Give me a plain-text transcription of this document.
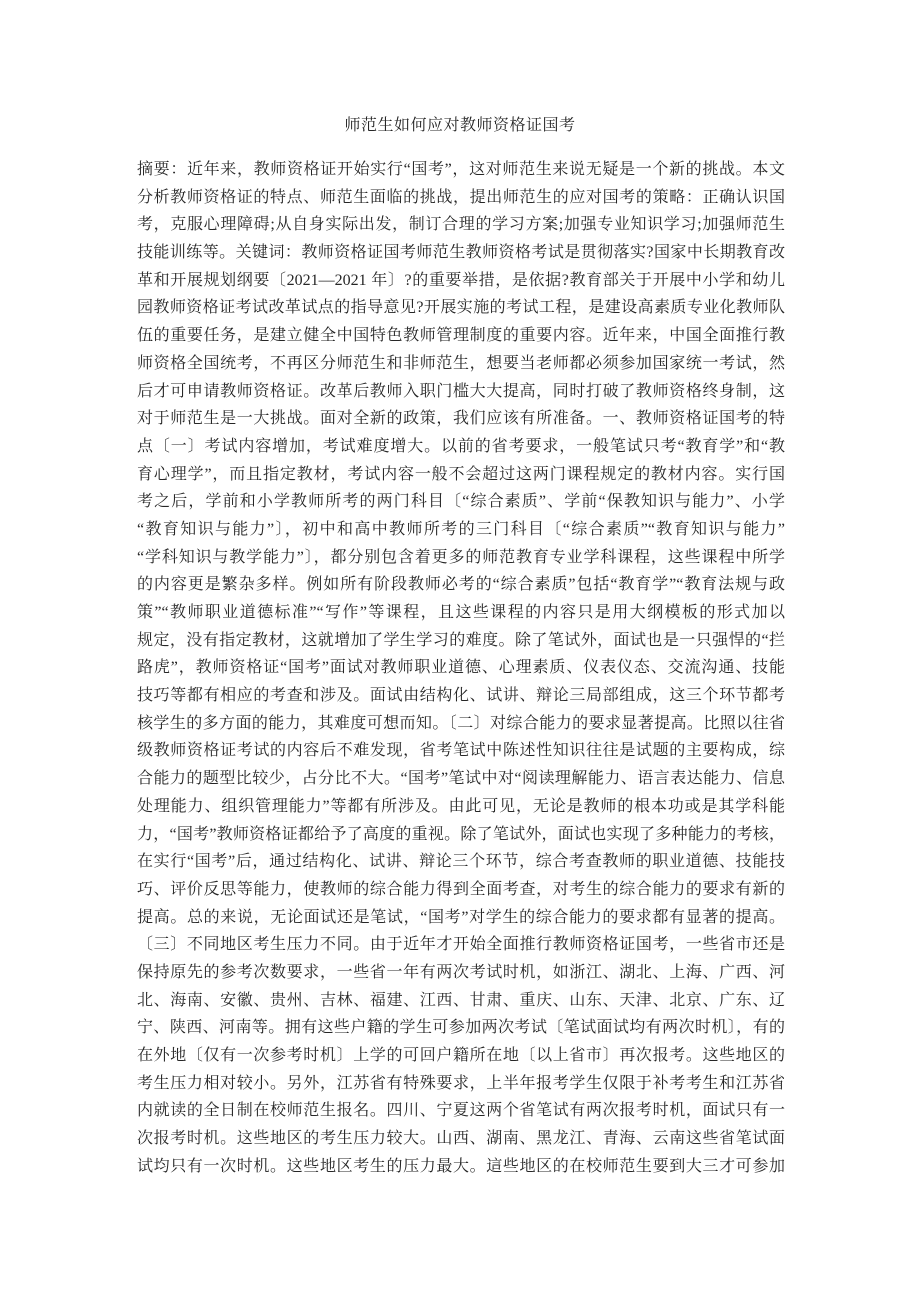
师范生如何应对教师资格证国考
摘要：近年来，教师资格证开始实行“国考”，这对师范生来说无疑是一个新的挑战。本文
分析教师资格证的特点、师范生面临的挑战，提出师范生的应对国考的策略：正确认识国
考，克服心理障碍;从自身实际出发，制订合理的学习方案;加强专业知识学习;加强师范生
技能训练等。关键词：教师资格证国考师范生教师资格考试是贯彻落实?国家中长期教育改
革和开展规划纲要〔2021—2021 年〕?的重要举措，是依据?教育部关于开展中小学和幼儿
园教师资格证考试改革试点的指导意见?开展实施的考试工程，是建设高素质专业化教师队
伍的重要任务，是建立健全中国特色教师管理制度的重要内容。近年来，中国全面推行教
师资格全国统考，不再区分师范生和非师范生，想要当老师都必须参加国家统一考试，然
后才可申请教师资格证。改革后教师入职门槛大大提高，同时打破了教师资格终身制，这
对于师范生是一大挑战。面对全新的政策，我们应该有所准备。一、教师资格证国考的特
点〔一〕考试内容增加，考试难度增大。以前的省考要求，一般笔试只考“教育学”和“教
育心理学”，而且指定教材，考试内容一般不会超过这两门课程规定的教材内容。实行国
考之后，学前和小学教师所考的两门科目〔“综合素质”、学前“保教知识与能力”、小学
“教育知识与能力”〕，初中和高中教师所考的三门科目〔“综合素质”“教育知识与能力”
“学科知识与教学能力”〕，都分别包含着更多的师范教育专业学科课程，这些课程中所学
的内容更是繁杂多样。例如所有阶段教师必考的“综合素质”包括“教育学”“教育法规与政
策”“教师职业道德标准”“写作”等课程，且这些课程的内容只是用大纲模板的形式加以
规定，没有指定教材，这就增加了学生学习的难度。除了笔试外，面试也是一只强悍的“拦
路虎”，教师资格证“国考”面试对教师职业道德、心理素质、仪表仪态、交流沟通、技能
技巧等都有相应的考查和涉及。面试由结构化、试讲、辩论三局部组成，这三个环节都考
核学生的多方面的能力，其难度可想而知。〔二〕对综合能力的要求显著提高。比照以往省
级教师资格证考试的内容后不难发现，省考笔试中陈述性知识往往是试题的主要构成，综
合能力的题型比较少，占分比不大。“国考”笔试中对“阅读理解能力、语言表达能力、信息
处理能力、组织管理能力”等都有所涉及。由此可见，无论是教师的根本功或是其学科能
力，“国考”教师资格证都给予了高度的重视。除了笔试外，面试也实现了多种能力的考核，
在实行“国考”后，通过结构化、试讲、辩论三个环节，综合考查教师的职业道德、技能技
巧、评价反思等能力，使教师的综合能力得到全面考查，对考生的综合能力的要求有新的
提高。总的来说，无论面试还是笔试，“国考”对学生的综合能力的要求都有显著的提高。
〔三〕不同地区考生压力不同。由于近年才开始全面推行教师资格证国考，一些省市还是
保持原先的参考次数要求，一些省一年有两次考试时机，如浙江、湖北、上海、广西、河
北、海南、安徽、贵州、吉林、福建、江西、甘肃、重庆、山东、天津、北京、广东、辽
宁、陕西、河南等。拥有这些户籍的学生可参加两次考试〔笔试面试均有两次时机〕，有的
在外地〔仅有一次参考时机〕上学的可回户籍所在地〔以上省市〕再次报考。这些地区的
考生压力相对较小。另外，江苏省有特殊要求，上半年报考学生仅限于补考考生和江苏省
内就读的全日制在校师范生报名。四川、宁夏这两个省笔试有两次报考时机，面试只有一
次报考时机。这些地区的考生压力较大。山西、湖南、黑龙江、青海、云南这些省笔试面
试均只有一次时机。这些地区考生的压力最大。這些地区的在校师范生要到大三才可参加
